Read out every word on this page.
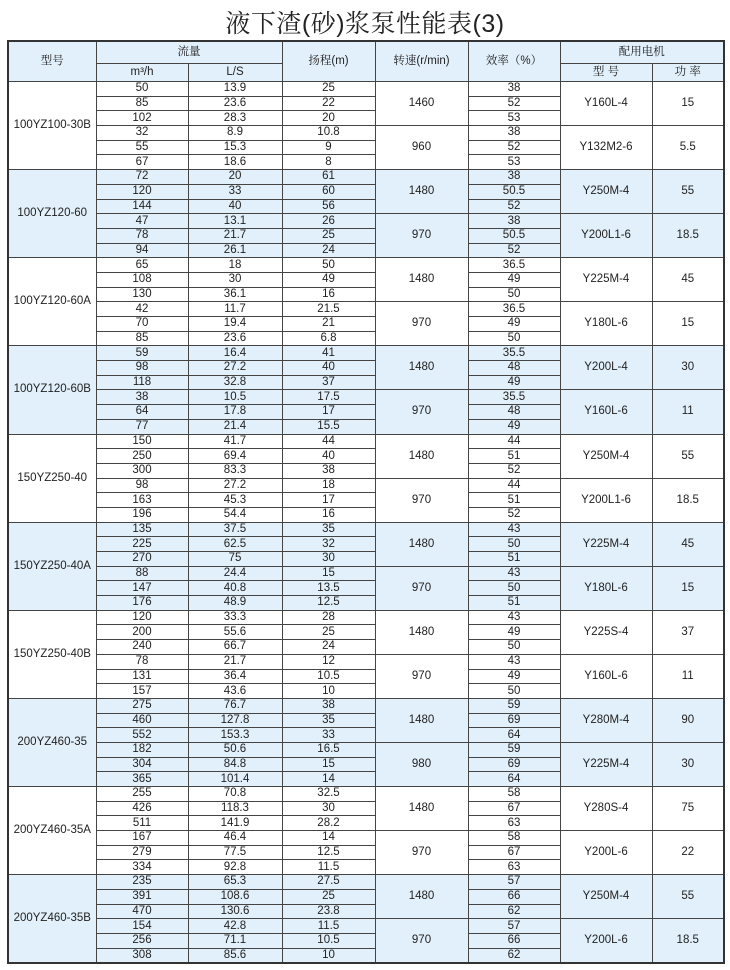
液下渣(砂)浆泵性能表(3)
型号	流量		扬程(m)	转速(r/min)	效率（%）	配用电机	
	m³/h	L/S				型 号	功 率
100YZ100-30B	50	13.9	25	1460	38	Y160L-4	15
	85	23.6	22		52		
	102	28.3	20		53		
	32	8.9	10.8	960	38	Y132M2-6	5.5
	55	15.3	9		52		
	67	18.6	8		53		
100YZ120-60	72	20	61	1480	38	Y250M-4	55
	120	33	60		50.5		
	144	40	56		52		
	47	13.1	26	970	38	Y200L1-6	18.5
	78	21.7	25		50.5		
	94	26.1	24		52		
100YZ120-60A	65	18	50	1480	36.5	Y225M-4	45
	108	30	49		49		
	130	36.1	16		50		
	42	11.7	21.5	970	36.5	Y180L-6	15
	70	19.4	21		49		
	85	23.6	6.8		50		
100YZ120-60B	59	16.4	41	1480	35.5	Y200L-4	30
	98	27.2	40		48		
	118	32.8	37		49		
	38	10.5	17.5	970	35.5	Y160L-6	11
	64	17.8	17		48		
	77	21.4	15.5		49		
150YZ250-40	150	41.7	44	1480	44	Y250M-4	55
	250	69.4	40		51		
	300	83.3	38		52		
	98	27.2	18	970	44	Y200L1-6	18.5
	163	45.3	17		51		
	196	54.4	16		52		
150YZ250-40A	135	37.5	35	1480	43	Y225M-4	45
	225	62.5	32		50		
	270	75	30		51		
	88	24.4	15	970	43	Y180L-6	15
	147	40.8	13.5		50		
	176	48.9	12.5		51		
150YZ250-40B	120	33.3	28	1480	43	Y225S-4	37
	200	55.6	25		49		
	240	66.7	24		50		
	78	21.7	12	970	43	Y160L-6	11
	131	36.4	10.5		49		
	157	43.6	10		50		
200YZ460-35	275	76.7	38	1480	59	Y280M-4	90
	460	127.8	35		69		
	552	153.3	33		64		
	182	50.6	16.5	980	59	Y225M-4	30
	304	84.8	15		69		
	365	101.4	14		64		
200YZ460-35A	255	70.8	32.5	1480	58	Y280S-4	75
	426	118.3	30		67		
	511	141.9	28.2		63		
	167	46.4	14	970	58	Y200L-6	22
	279	77.5	12.5		67		
	334	92.8	11.5		63		
200YZ460-35B	235	65.3	27.5	1480	57	Y250M-4	55
	391	108.6	25		66		
	470	130.6	23.8		62		
	154	42.8	11.5	970	57	Y200L-6	18.5
	256	71.1	10.5		66		
	308	85.6	10		62		
